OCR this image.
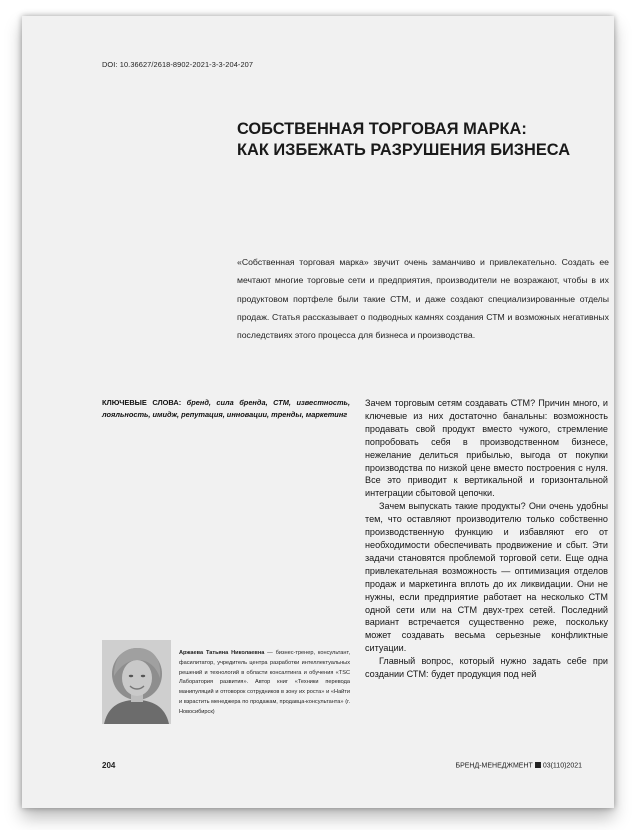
DOI: 10.36627/2618-8902-2021-3-3-204-207
СОБСТВЕННАЯ ТОРГОВАЯ МАРКА:
КАК ИЗБЕЖАТЬ РАЗРУШЕНИЯ БИЗНЕСА
«Собственная торговая марка» звучит очень заманчиво и привлекательно. Создать ее мечтают многие торговые сети и предприятия, производители не возражают, чтобы в их продуктовом портфеле были такие СТМ, и даже создают специализированные отделы продаж. Статья рассказывает о подводных камнях создания СТМ и возможных негативных последствиях этого процесса для бизнеса и производства.
КЛЮЧЕВЫЕ СЛОВА: бренд, сила бренда, СТМ, известность, лояльность, имидж, репутация, инновации, тренды, маркетинг

Зачем торговым сетям создавать СТМ? Причин много, и ключевые из них достаточно банальны: возможность продавать свой продукт вместо чужого, стремление попробовать себя в производственном бизнесе, нежелание делиться прибылью, выгода от покупки производства по низкой цене вместо построения с нуля. Все это приводит к вертикальной и горизонтальной интеграции сбытовой цепочки.

Зачем выпускать такие продукты? Они очень удобны тем, что оставляют производителю только собственно производственную функцию и избавляют его от необходимости обеспечивать продвижение и сбыт. Эти задачи становятся проблемой торговой сети. Еще одна привлекательная возможность — оптимизация отделов продаж и маркетинга вплоть до их ликвидации. Они не нужны, если предприятие работает на несколько СТМ одной сети или на СТМ двух-трех сетей. Последний вариант встречается существенно реже, поскольку может создавать весьма серьезные конфликтные ситуации.

Главный вопрос, который нужно задать себе при создании СТМ: будет продукция под ней

Аржаева Татьяна Николаевна — бизнес-тренер, консультант, фасилитатор, учредитель центра разработки интеллектуальных решений и технологий в области консалтинга и обучения «TSC Лаборатория развития». Автор книг «Техники перевода манипуляций и отговорок сотрудников в зону их роста» и «Найти и взрастить менеджера по продажам, продавца-консультанта» (г. Новосибирск)
204	БРЕНД-МЕНЕДЖМЕНТ 03(110)2021
